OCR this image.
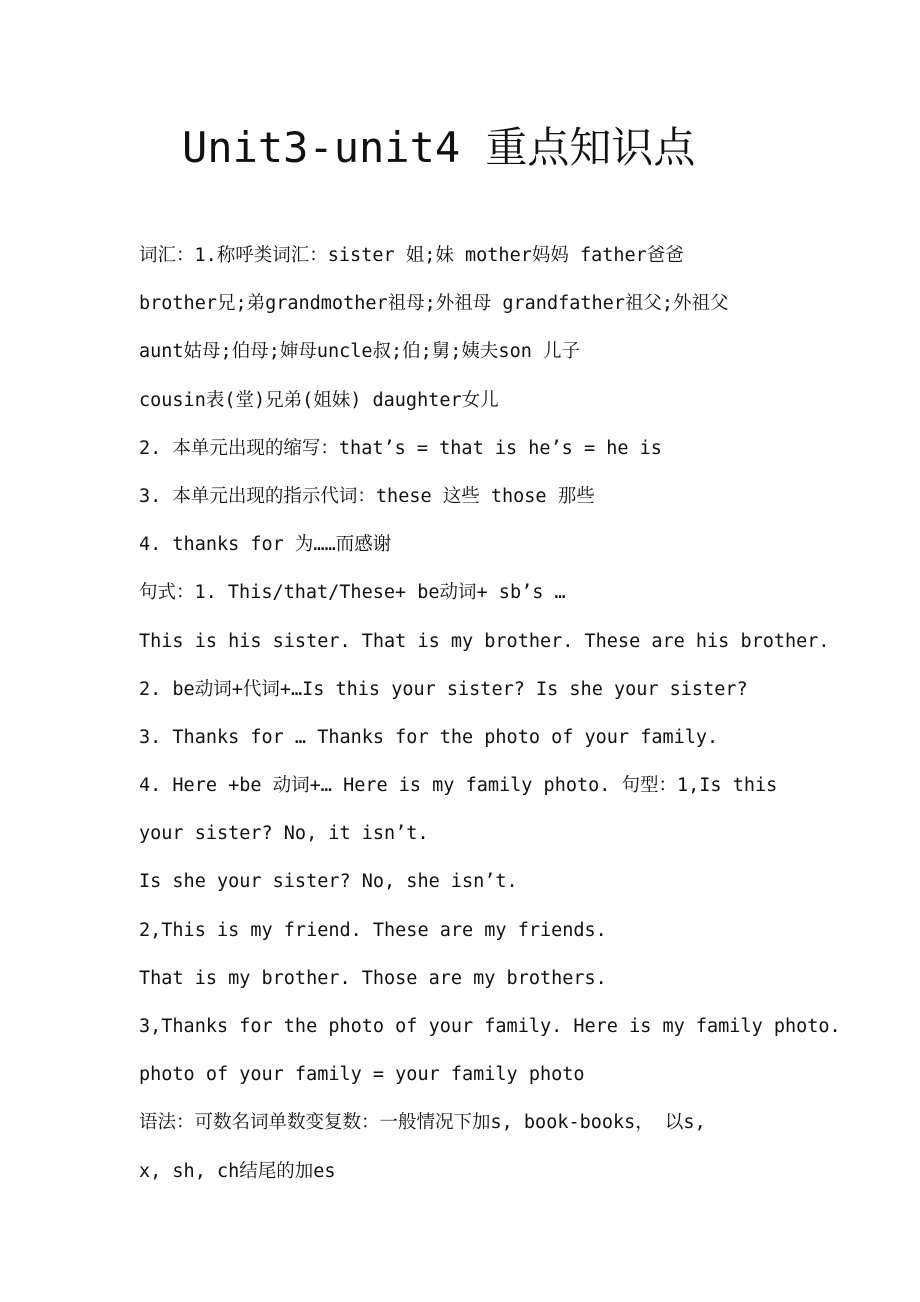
Unit3-unit4 重点知识点
词汇：1.称呼类词汇：sister 姐;妹 mother妈妈 father爸爸
brother兄;弟grandmother祖母;外祖母 grandfather祖父;外祖父
aunt姑母;伯母;婶母uncle叔;伯;舅;姨夫son 儿子
cousin表(堂)兄弟(姐妹) daughter女儿
2. 本单元出现的缩写：that’s = that is he’s = he is
3. 本单元出现的指示代词：these 这些 those 那些
4. thanks for 为……而感谢
句式：1. This/that/These+ be动词+ sb’s …
This is his sister. That is my brother. These are his brother.
2. be动词+代词+…Is this your sister? Is she your sister?
3. Thanks for … Thanks for the photo of your family.
4. Here +be 动词+… Here is my family photo. 句型：1,Is this
your sister? No, it isn’t.
Is she your sister? No, she isn’t.
2,This is my friend. These are my friends.
That is my brother. Those are my brothers.
3,Thanks for the photo of your family. Here is my family photo.
photo of your family = your family photo
语法：可数名词单数变复数：一般情况下加s, book-books， 以s,
x, sh, ch结尾的加es
